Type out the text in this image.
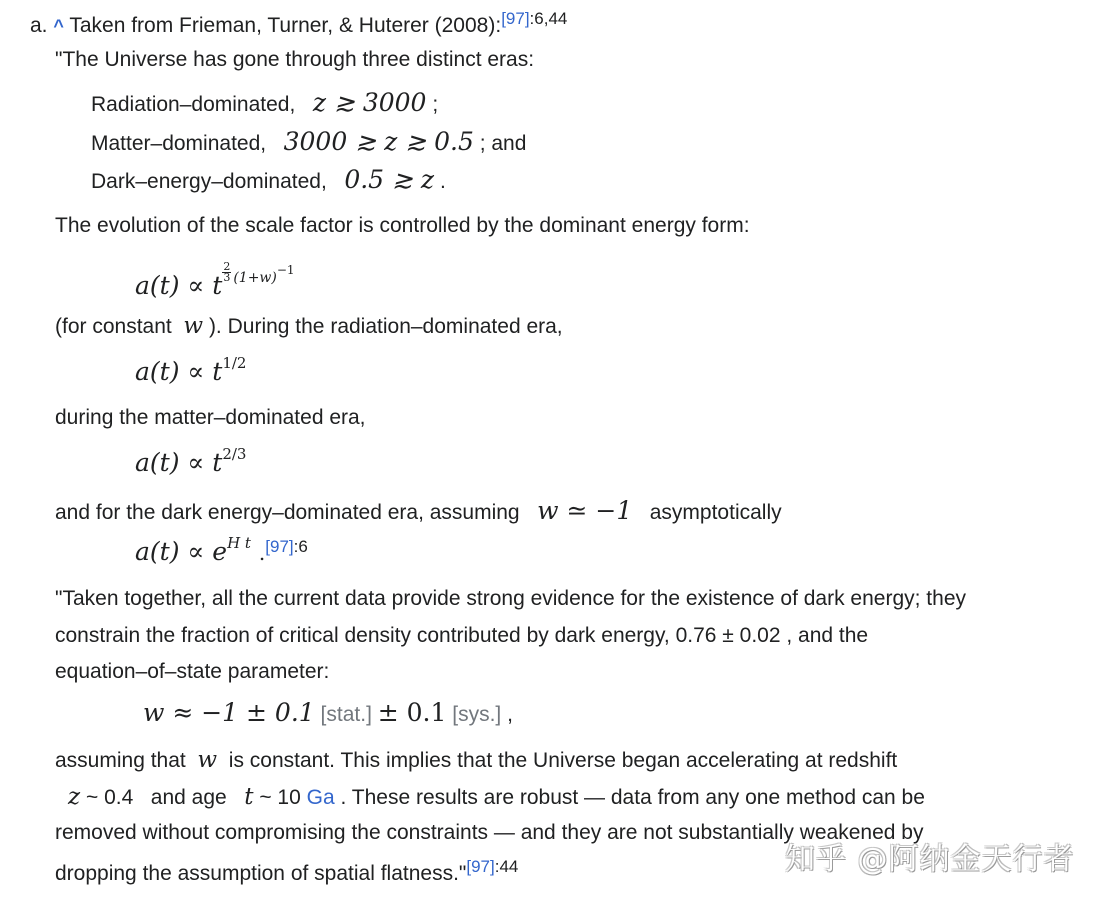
a. ^ Taken from Frieman, Turner, & Huterer (2008):$^{[97]:6,44}$
"The Universe has gone through three distinct eras:
Radiation–dominated, z ≳ 3000 ;
Matter–dominated, 3000 ≳ z ≳ 0.5 ; and
Dark–energy–dominated, 0.5 ≳ z .
The evolution of the scale factor is controlled by the dominant energy form:
a(t) ∝ t $\frac{2}{3} ^{(1+w)-1}$
(for constant w ). During the radiation–dominated era,
$a(t) \propto t^{1/2}$
during the matter–dominated era,
$a(t) \propto t^{2/3}$
and for the dark energy–dominated era, assuming w ≃ −1 asymptotically
$a(t) \propto e^{H t}$ .$^{[97]:6}$
"Taken together, all the current data provide strong evidence for the existence of dark energy; they
constrain the fraction of critical density contributed by dark energy, 0.76 ± 0.02 , and the
equation–of–state parameter:
w ≈ −1 ± 0.1 [stat.] ± 0.1 [sys.] ,
assuming that w is constant. This implies that the Universe began accelerating at redshift
z ~ 0.4 and age t ~ 10 Ga . These results are robust — data from any one method can be
removed without compromising the constraints — and they are not substantially weakened by
dropping the assumption of spatial flatness."$^{[97]:44}$	知乎 @阿纳金天行者
